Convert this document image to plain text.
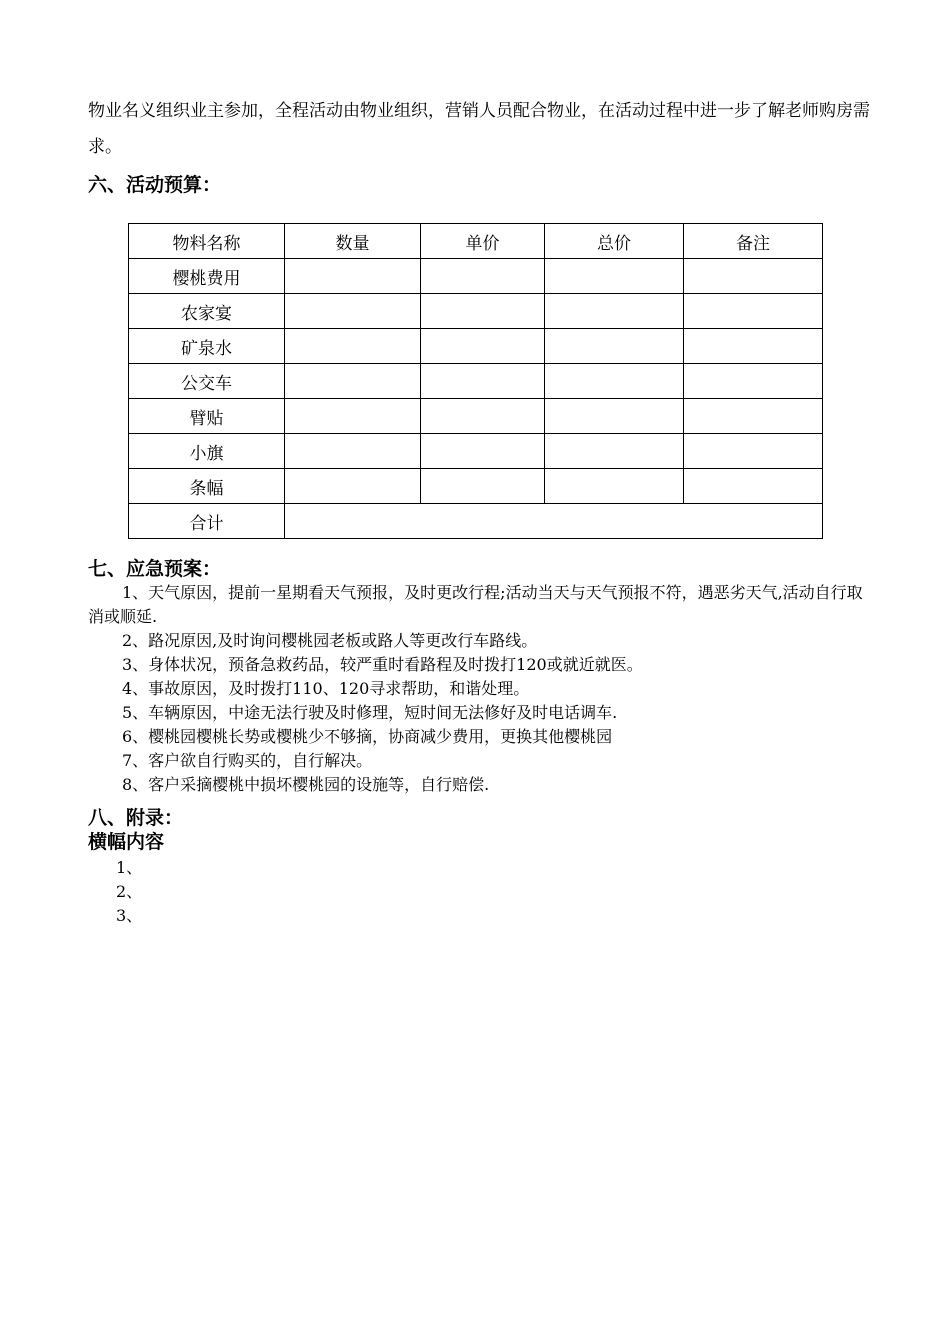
物业名义组织业主参加，全程活动由物业组织，营销人员配合物业，在活动过程中进一步了解老师购房需求。
六、活动预算：
物料名称	数量	单价	总价	备注
樱桃费用				
农家宴				
矿泉水				
公交车				
臂贴				
小旗				
条幅				
合计				
七、应急预案：

1、天气原因，提前一星期看天气预报，及时更改行程;活动当天与天气预报不符，遇恶劣天气,活动自行取消或顺延.

2、路况原因,及时询问樱桃园老板或路人等更改行车路线。

3、身体状况，预备急救药品，较严重时看路程及时拨打120或就近就医。

4、事故原因，及时拨打110、120寻求帮助，和谐处理。

5、车辆原因，中途无法行驶及时修理，短时间无法修好及时电话调车.

6、樱桃园樱桃长势或樱桃少不够摘，协商减少费用，更换其他樱桃园

7、客户欲自行购买的，自行解决。

8、客户采摘樱桃中损坏樱桃园的设施等，自行赔偿.

八、附录：
横幅内容
1、
2、
3、
